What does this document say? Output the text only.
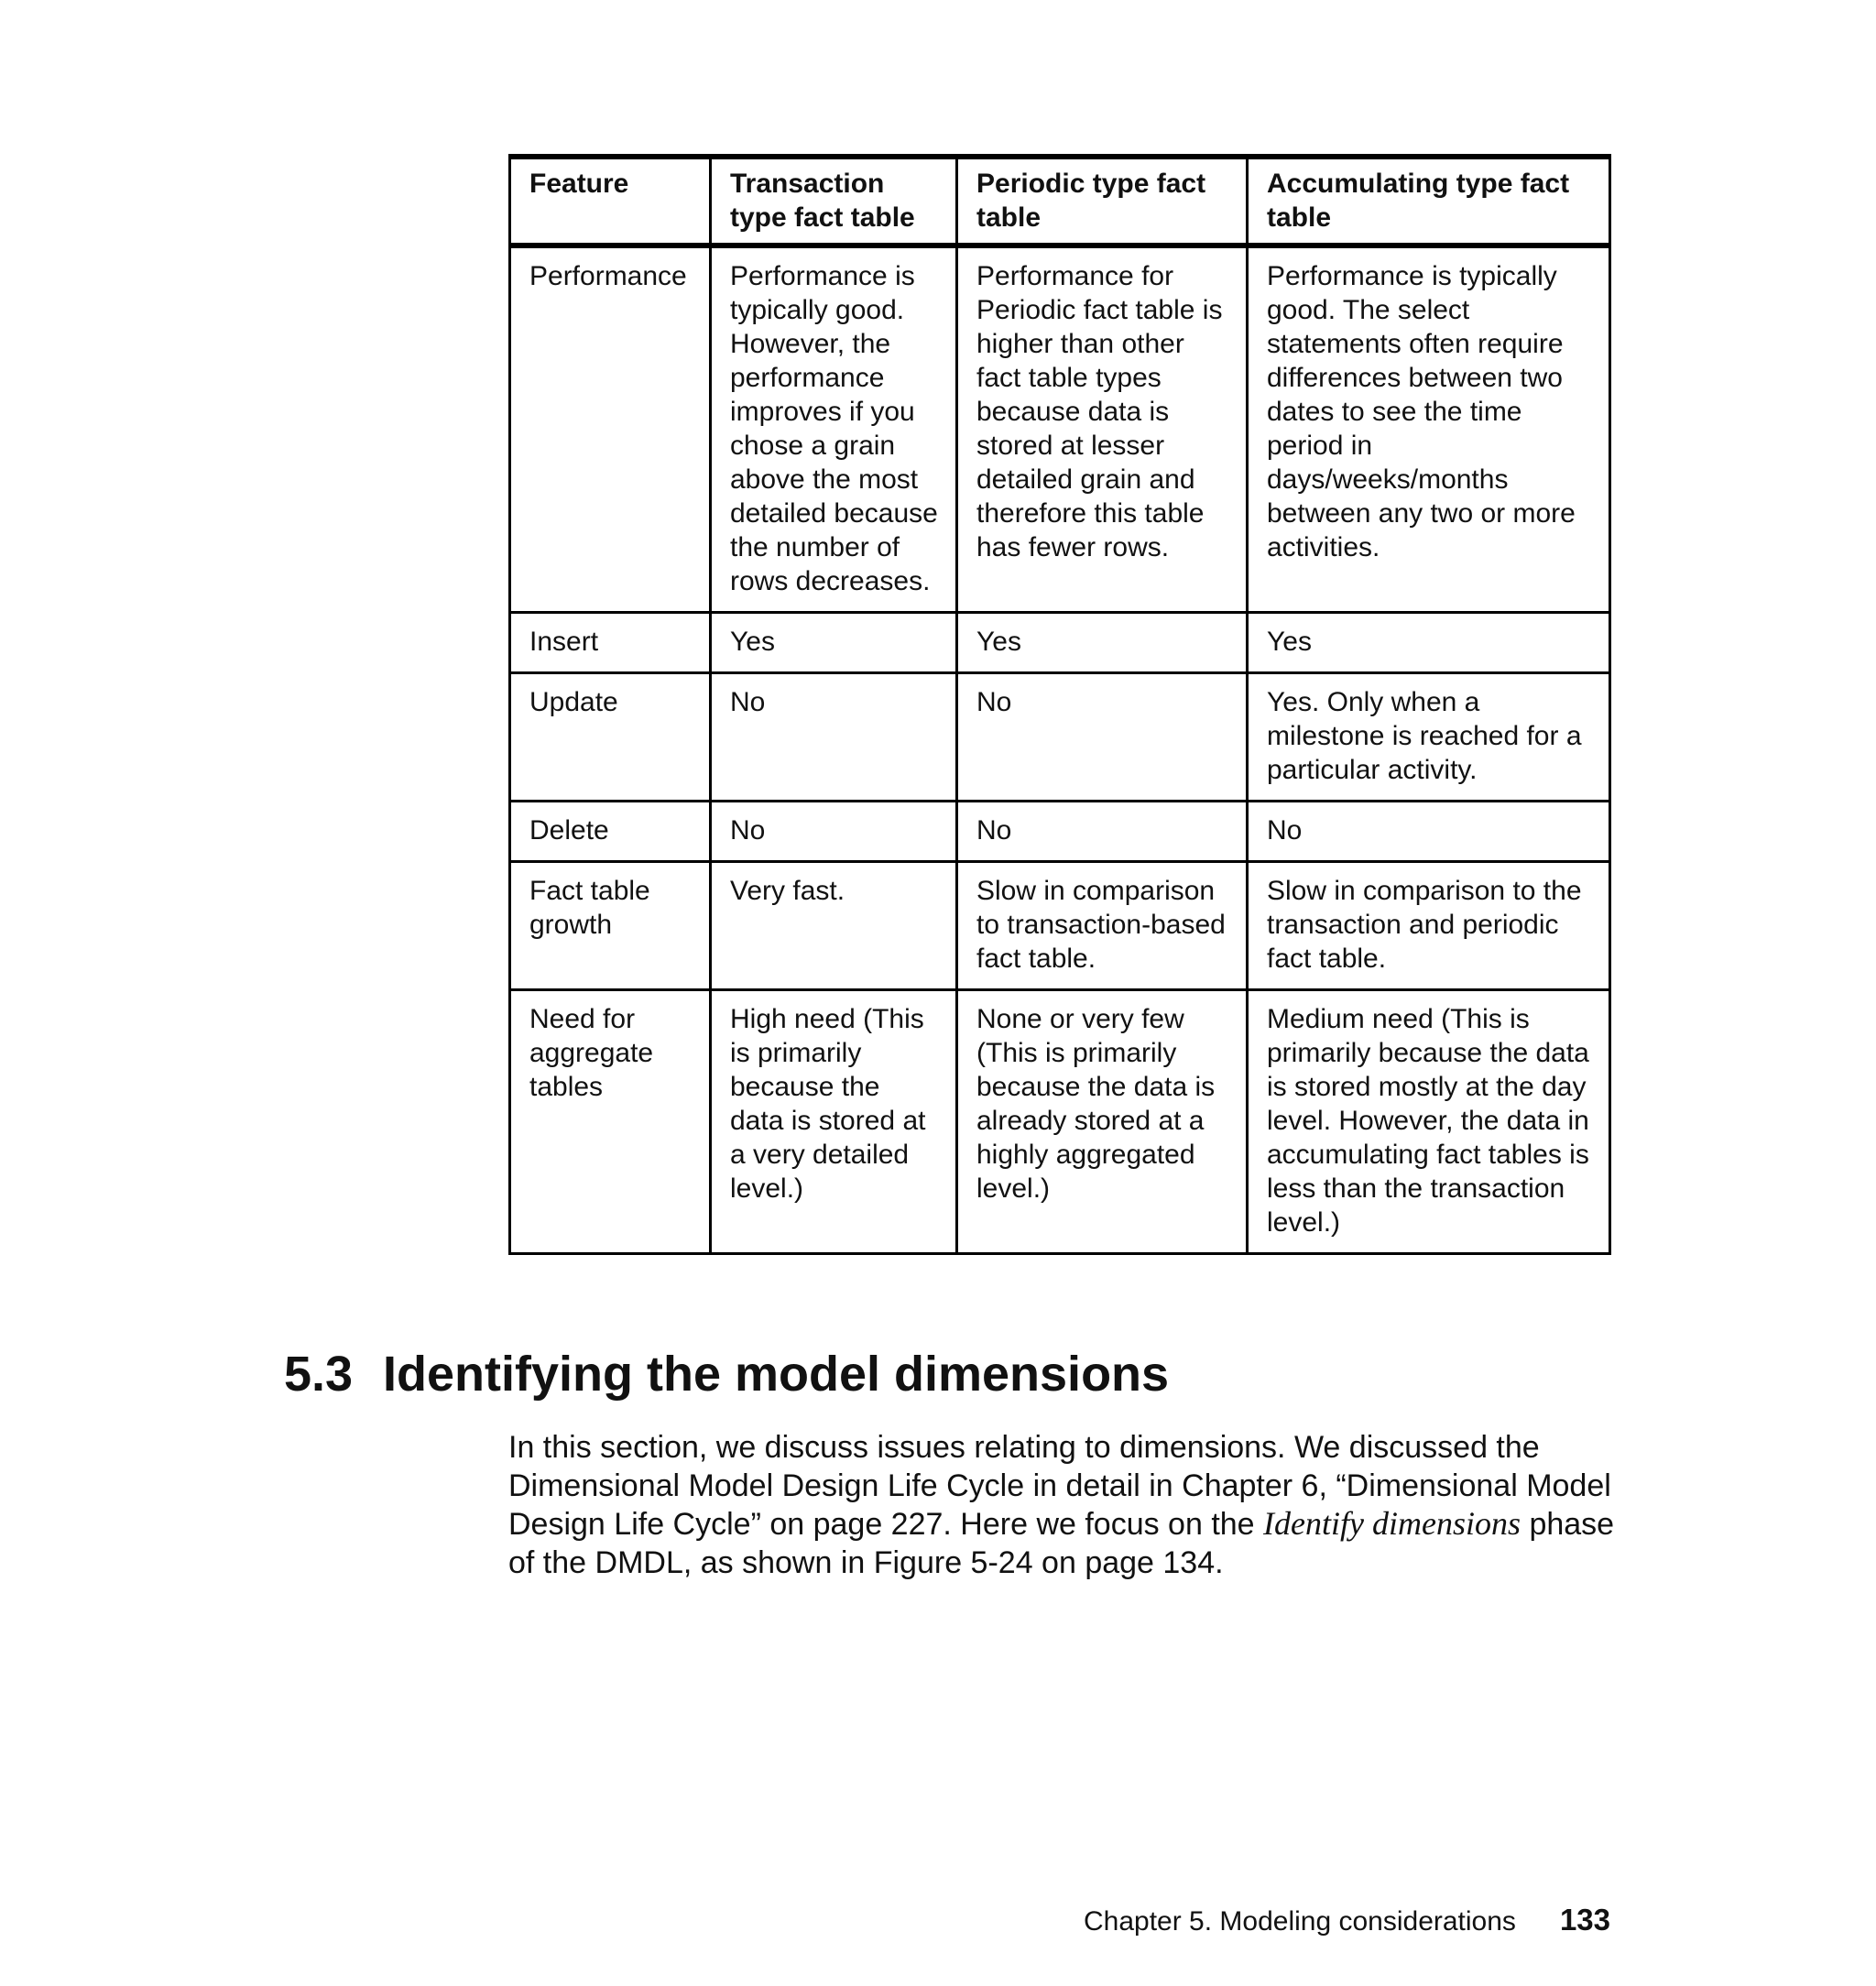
Feature	Transaction type fact table	Periodic type fact table	Accumulating type fact table
Performance	Performance is typically good. However, the performance improves if you chose a grain above the most detailed because the number of rows decreases.	Performance for Periodic fact table is higher than other fact table types because data is stored at lesser detailed grain and therefore this table has fewer rows.	Performance is typically good. The select statements often require differences between two dates to see the time period in days/weeks/months between any two or more activities.
Insert	Yes	Yes	Yes
Update	No	No	Yes. Only when a milestone is reached for a particular activity.
Delete	No	No	No
Fact table growth	Very fast.	Slow in comparison to transaction-based fact table.	Slow in comparison to the transaction and periodic fact table.
Need for aggregate tables	High need (This is primarily because the data is stored at a very detailed level.)	None or very few (This is primarily because the data is already stored at a highly aggregated level.)	Medium need (This is primarily because the data is stored mostly at the day level. However, the data in accumulating fact tables is less than the transaction level.)
5.3 Identifying the model dimensions

In this section, we discuss issues relating to dimensions. We discussed the Dimensional Model Design Life Cycle in detail in Chapter 6, “Dimensional Model Design Life Cycle” on page 227. Here we focus on the Identify dimensions phase of the DMDL, as shown in Figure 5-24 on page 134.

Chapter 5. Modeling considerations 133
